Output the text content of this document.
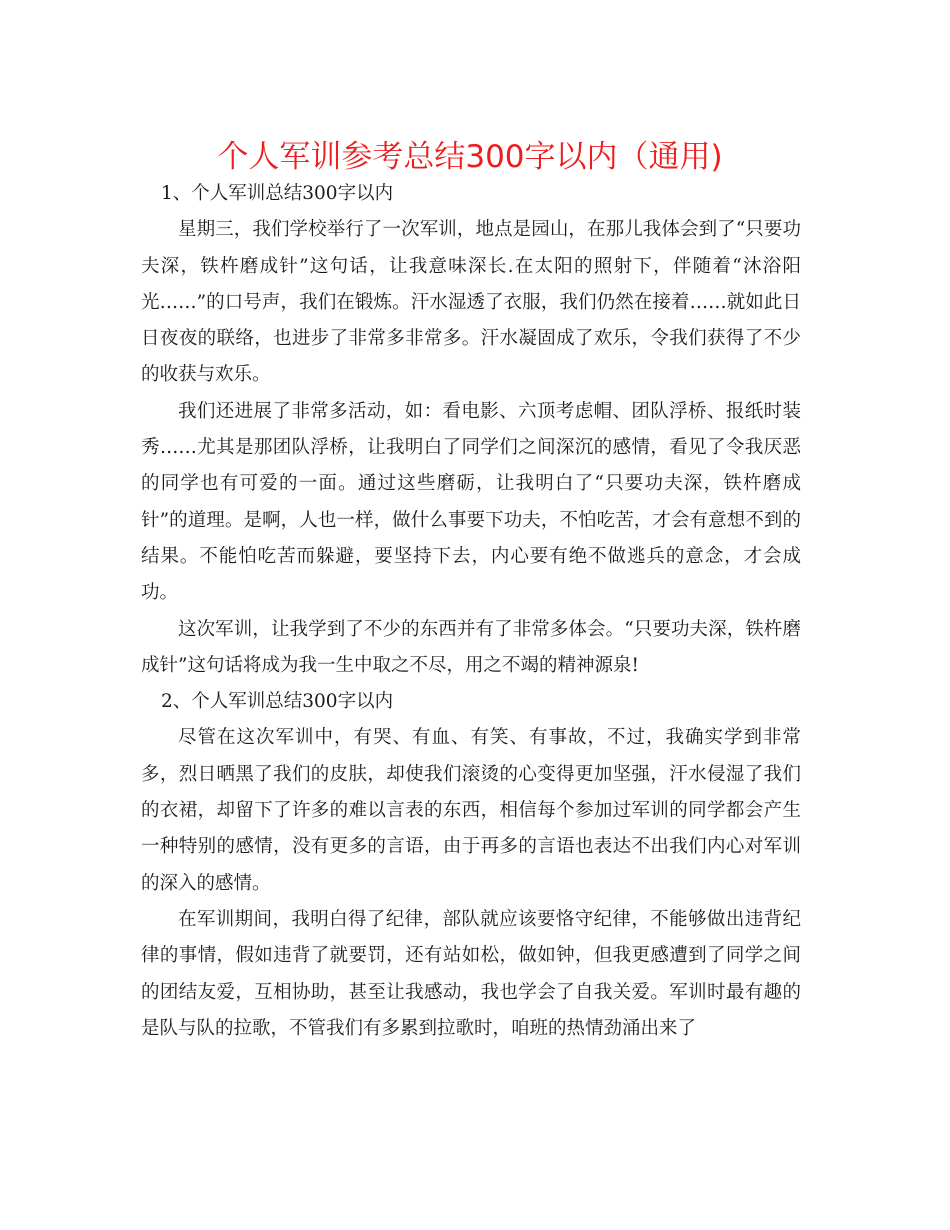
个人军训参考总结300字以内（通用)

1、个人军训总结300字以内

星期三，我们学校举行了一次军训，地点是园山，在那儿我体会到了“只要功夫深，铁杵磨成针”这句话，让我意味深长.在太阳的照射下，伴随着“沐浴阳光……”的口号声，我们在锻炼。汗水湿透了衣服，我们仍然在接着……就如此日日夜夜的联络，也进步了非常多非常多。汗水凝固成了欢乐，令我们获得了不少的收获与欢乐。

我们还进展了非常多活动，如：看电影、六顶考虑帽、团队浮桥、报纸时装秀……尤其是那团队浮桥，让我明白了同学们之间深沉的感情，看见了令我厌恶的同学也有可爱的一面。通过这些磨砺，让我明白了“只要功夫深，铁杵磨成针”的道理。是啊，人也一样，做什么事要下功夫，不怕吃苦，才会有意想不到的结果。不能怕吃苦而躲避，要坚持下去，内心要有绝不做逃兵的意念，才会成功。

这次军训，让我学到了不少的东西并有了非常多体会。“只要功夫深，铁杵磨成针”这句话将成为我一生中取之不尽，用之不竭的精神源泉!

2、个人军训总结300字以内

尽管在这次军训中，有哭、有血、有笑、有事故，不过，我确实学到非常多，烈日晒黑了我们的皮肤，却使我们滚烫的心变得更加坚强，汗水侵湿了我们的衣裙，却留下了许多的难以言表的东西，相信每个参加过军训的同学都会产生一种特别的感情，没有更多的言语，由于再多的言语也表达不出我们内心对军训的深入的感情。

在军训期间，我明白得了纪律，部队就应该要恪守纪律，不能够做出违背纪律的事情，假如违背了就要罚，还有站如松，做如钟，但我更感遭到了同学之间的团结友爱，互相协助，甚至让我感动，我也学会了自我关爱。军训时最有趣的是队与队的拉歌，不管我们有多累到拉歌时，咱班的热情劲涌出来了
